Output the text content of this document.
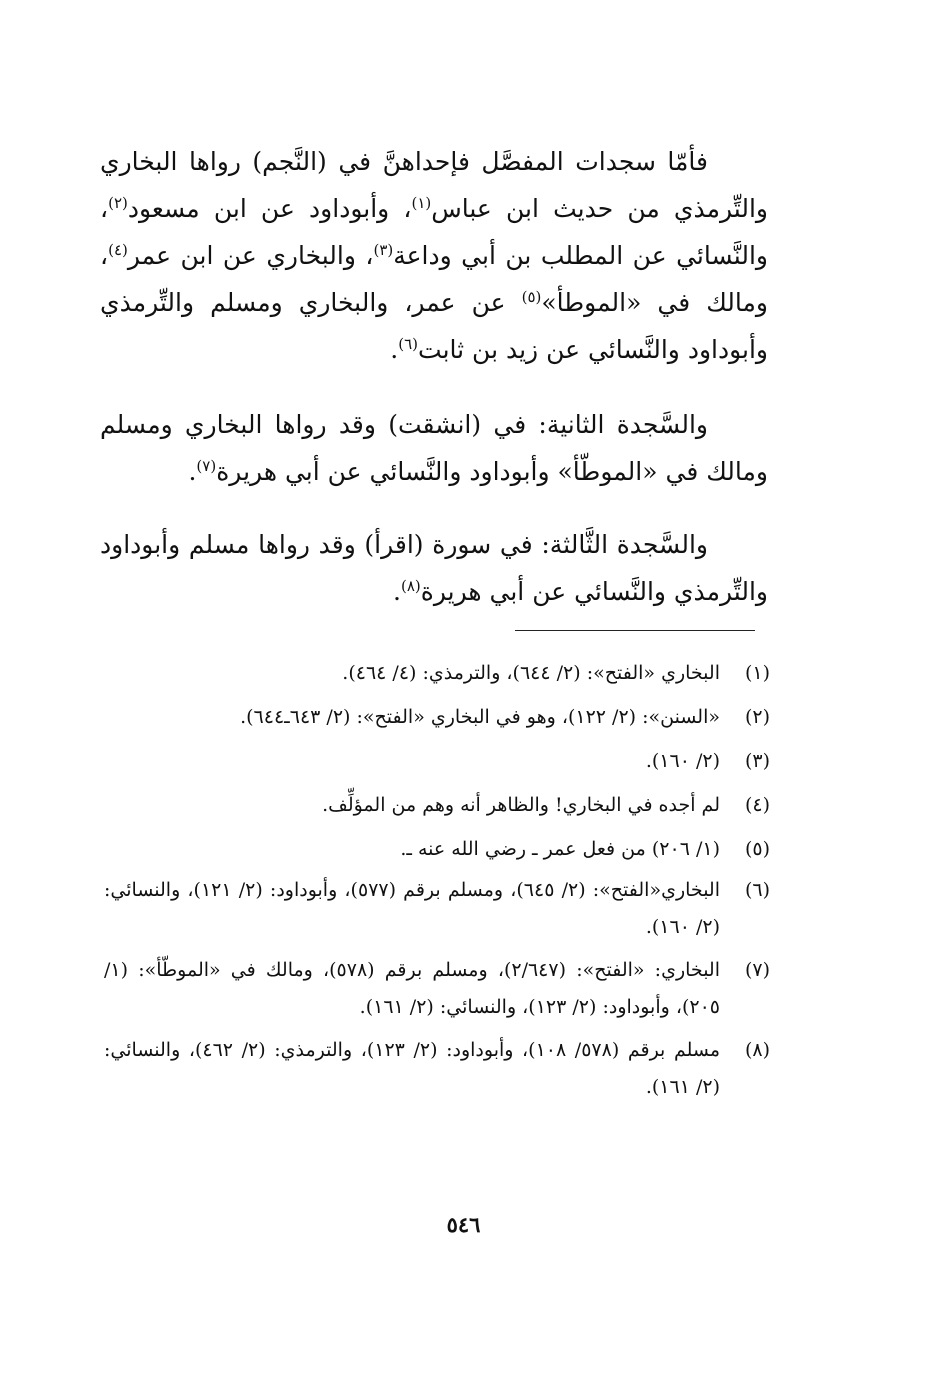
فأمّا سجدات المفصَّل فإحداهنَّ في (النَّجم) رواها البخاري والتِّرمذي من حديث ابن عباس$^{(١)}$، وأبوداود عن ابن مسعود$^{(٢)}$، والنَّسائي عن المطلب بن أبي وداعة$^{(٣)}$، والبخاري عن ابن عمر$^{(٤)}$، ومالك في «الموطأ»$^{(٥)}$ عن عمر، والبخاري ومسلم والتِّرمذي وأبوداود والنَّسائي عن زيد بن ثابت$^{(٦)}$.

والسَّجدة الثانية: في (انشقت) وقد رواها البخاري ومسلم ومالك في «الموطّأ» وأبوداود والنَّسائي عن أبي هريرة$^{(٧)}$.

والسَّجدة الثَّالثة: في سورة (اقرأ) وقد رواها مسلم وأبوداود والتِّرمذي والنَّسائي عن أبي هريرة$^{(٨)}$.

(١)
البخاري «الفتح»: (٢/ ٦٤٤)، والترمذي: (٤/ ٤٦٤).
(٢)
«السنن»: (٢/ ١٢٢)، وهو في البخاري «الفتح»: (٢/ ٦٤٣ـ٦٤٤).
(٣)
(٢/ ١٦٠).
(٤)
لم أجده في البخاري! والظاهر أنه وهم من المؤلِّف.
(٥)
(١/ ٢٠٦) من فعل عمر ـ رضي الله عنه ـ.
(٦)
البخاري«الفتح»: (٢/ ٦٤٥)، ومسلم برقم (٥٧٧)، وأبوداود: (٢/ ١٢١)، والنسائي: (٢/ ١٦٠).
(٧)
البخاري: «الفتح»: (٢/٦٤٧)، ومسلم برقم (٥٧٨)، ومالك في «الموطّأ»: (١/ ٢٠٥)، وأبوداود: (٢/ ١٢٣)، والنسائي: (٢/ ١٦١).
(٨)
مسلم برقم (٥٧٨/ ١٠٨)، وأبوداود: (٢/ ١٢٣)، والترمذي: (٢/ ٤٦٢)، والنسائي: (٢/ ١٦١).
٥٤٦
